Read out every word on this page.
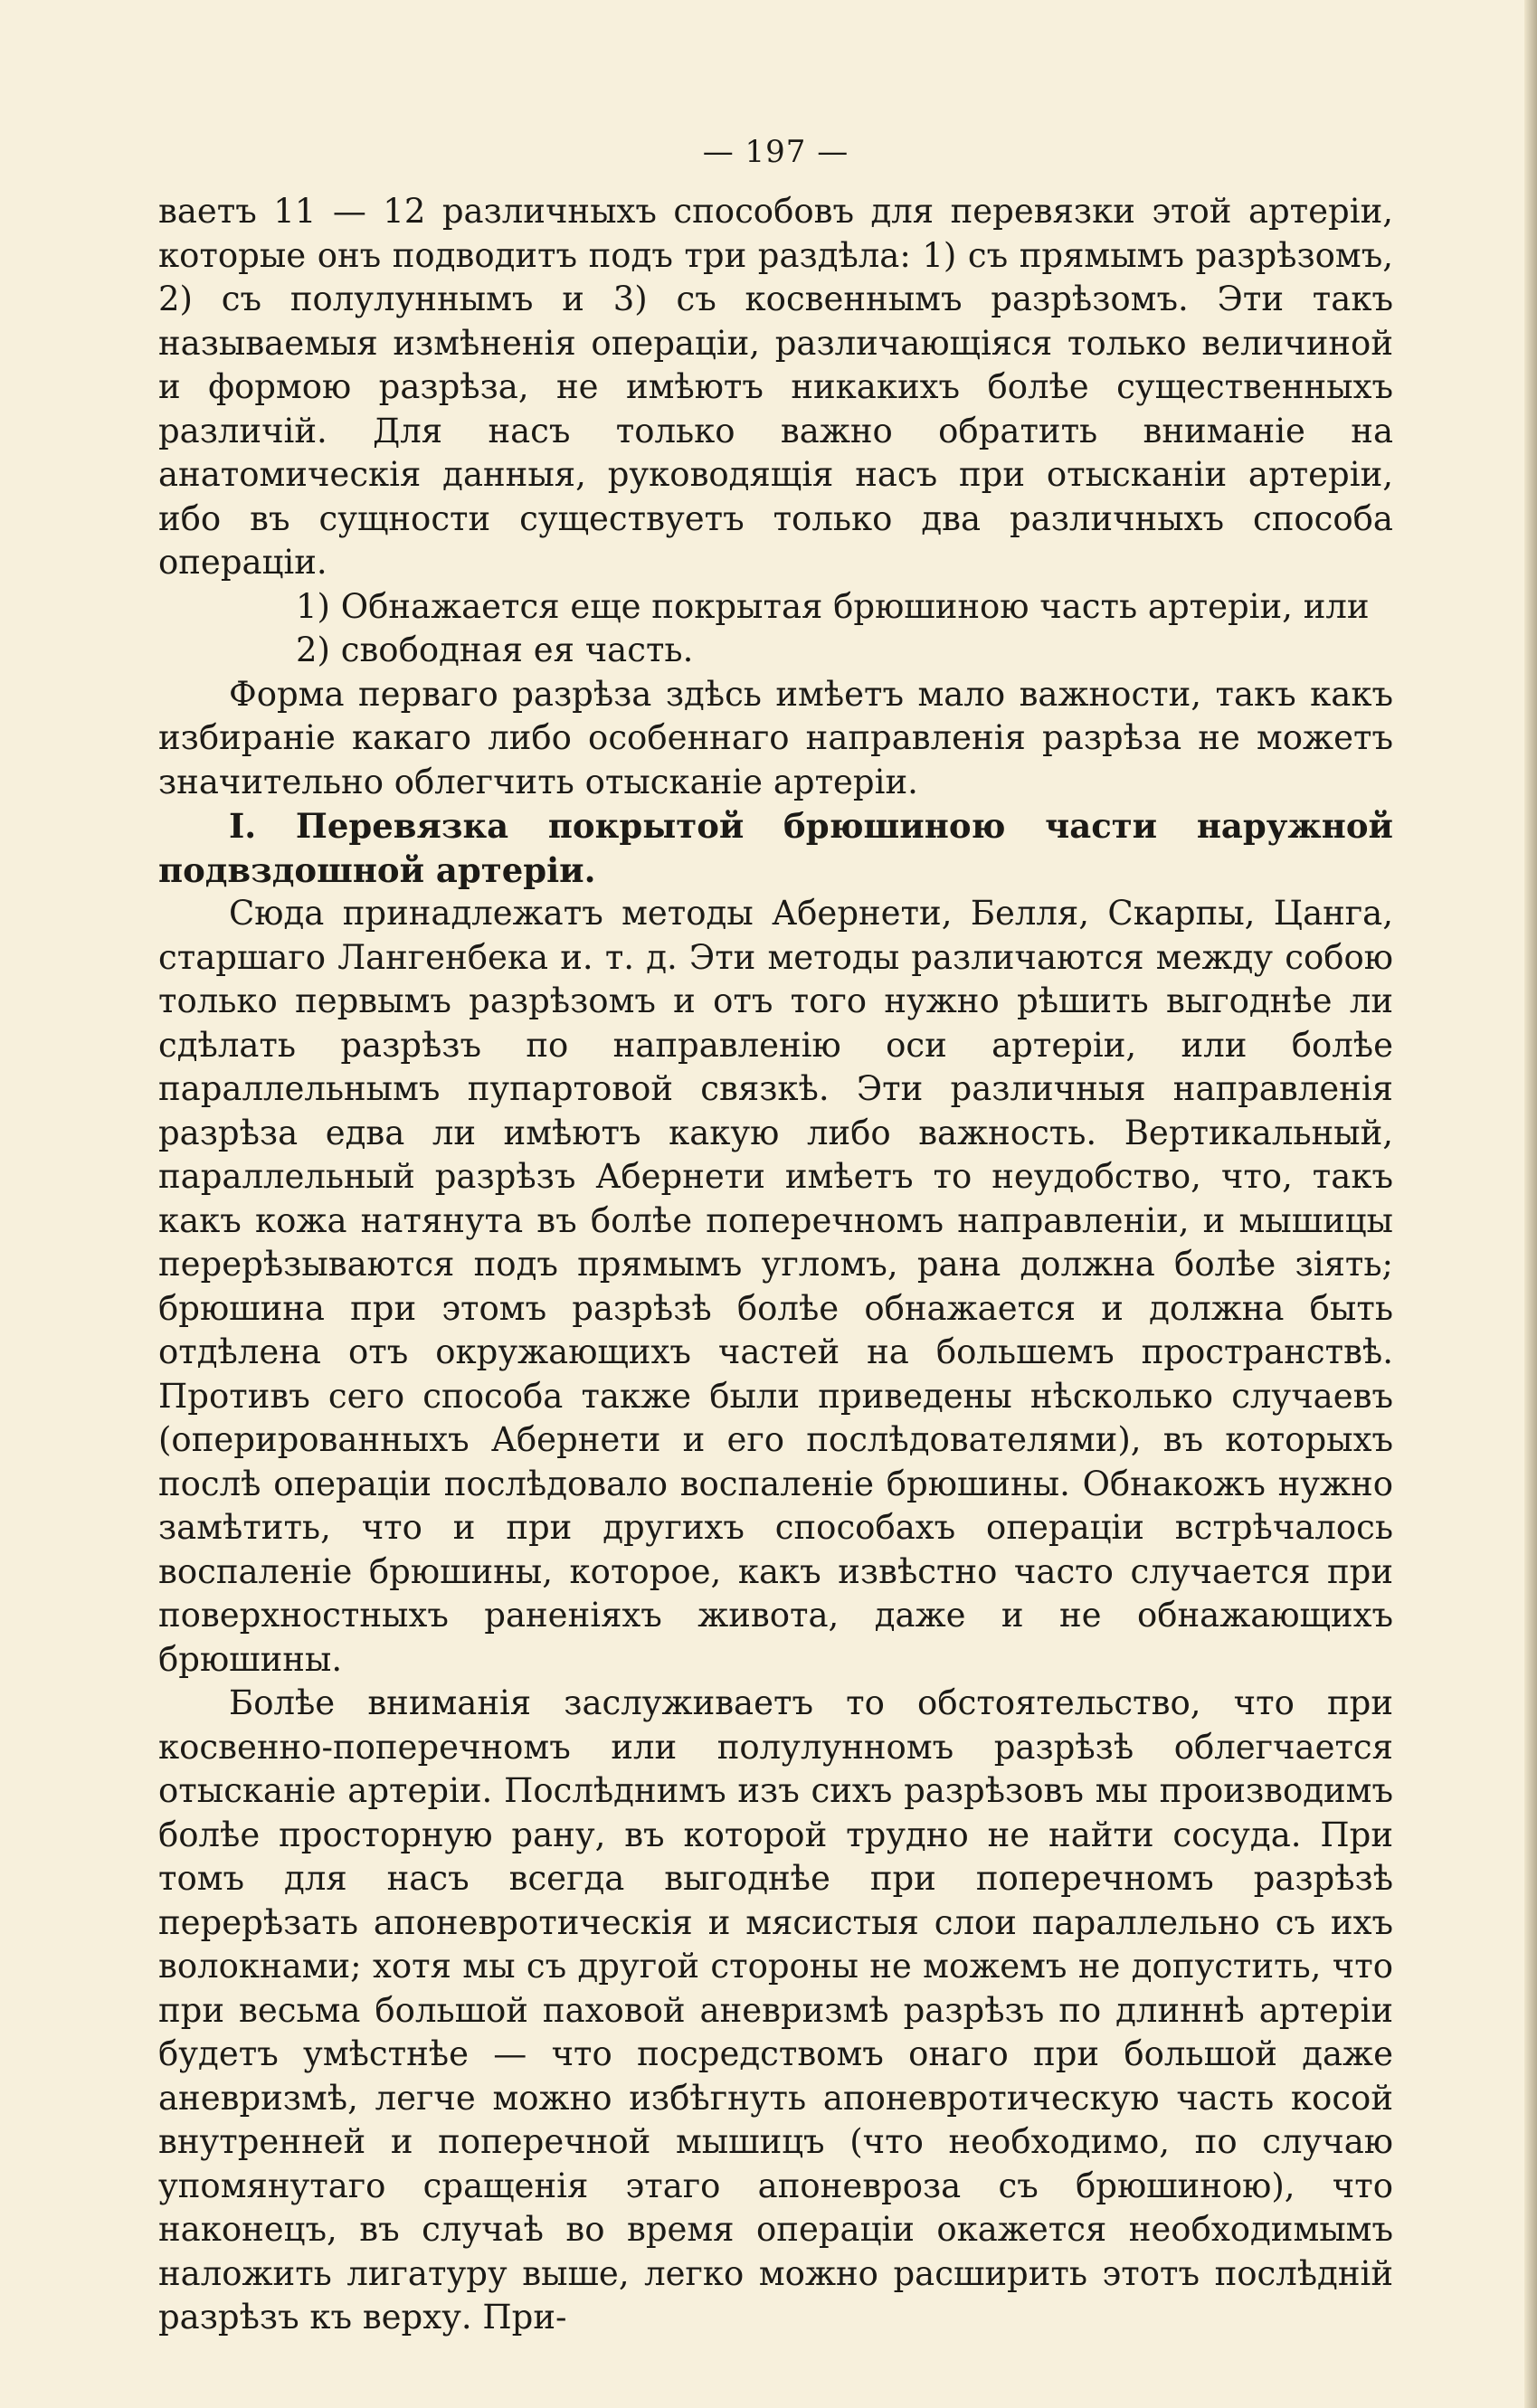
— 197 —

ваетъ 11 — 12 различныхъ способовъ для перевязки этой артеріи, которые онъ подводитъ подъ три раздѣла: 1) съ прямымъ разрѣзомъ, 2) съ полулуннымъ и 3) съ косвеннымъ разрѣзомъ. Эти такъ называемыя измѣненія операціи, различающіяся только величиной и формою разрѣза, не имѣютъ никакихъ болѣе существенныхъ различій. Для насъ только важно обратить вниманіе на анатомическія данныя, руководящія насъ при отысканіи артеріи, ибо въ сущности существуетъ только два различныхъ способа операціи.

1) Обнажается еще покрытая брюшиною часть артеріи, или

2) свободная ея часть.

Форма перваго разрѣза здѣсь имѣетъ мало важности, такъ какъ избираніе какаго либо особеннаго направленія разрѣза не можетъ значительно облегчить отысканіе артеріи.

I. Перевязка покрытой брюшиною части наружной подвздошной артеріи.

Сюда принадлежатъ методы Абернети, Белля, Скарпы, Цанга, старшаго Лангенбека и. т. д. Эти методы различаются между собою только первымъ разрѣзомъ и отъ того нужно рѣшить выгоднѣе ли сдѣлать разрѣзъ по направленію оси артеріи, или болѣе параллельнымъ пупартовой связкѣ. Эти различныя направленія разрѣза едва ли имѣютъ какую либо важность. Вертикальный, параллельный разрѣзъ Абернети имѣетъ то неудобство, что, такъ какъ кожа натянута въ болѣе поперечномъ направленіи, и мышицы перерѣзываются подъ прямымъ угломъ, рана должна болѣе зіять; брюшина при этомъ разрѣзѣ болѣе обнажается и должна быть отдѣлена отъ окружающихъ частей на большемъ пространствѣ. Противъ сего способа также были приведены нѣсколько случаевъ (оперированныхъ Абернети и его послѣдователями), въ которыхъ послѣ операціи послѣдовало воспаленіе брюшины. Обнакожъ нужно замѣтить, что и при другихъ способахъ операціи встрѣчалось воспаленіе брюшины, которое, какъ извѣстно часто случается при поверхностныхъ раненіяхъ живота, даже и не обнажающихъ брюшины.

Болѣе вниманія заслуживаетъ то обстоятельство, что при косвенно-поперечномъ или полулунномъ разрѣзѣ облегчается отысканіе артеріи. Послѣднимъ изъ сихъ разрѣзовъ мы производимъ болѣе просторную рану, въ которой трудно не найти сосуда. При томъ для насъ всегда выгоднѣе при поперечномъ разрѣзѣ перерѣзать апоневротическія и мясистыя слои параллельно съ ихъ волокнами; хотя мы съ другой стороны не можемъ не допустить, что при весьма большой паховой аневризмѣ разрѣзъ по длиннѣ артеріи будетъ умѣстнѣе — что посредствомъ онаго при большой даже аневризмѣ, легче можно избѣгнуть апоневротическую часть косой внутренней и поперечной мышицъ (что необходимо, по случаю упомянутаго сращенія этаго апоневроза съ брюшиною), что наконецъ, въ случаѣ во время операціи окажется необходимымъ наложить лигатуру выше, легко можно расширить этотъ послѣдній разрѣзъ къ верху. При-
